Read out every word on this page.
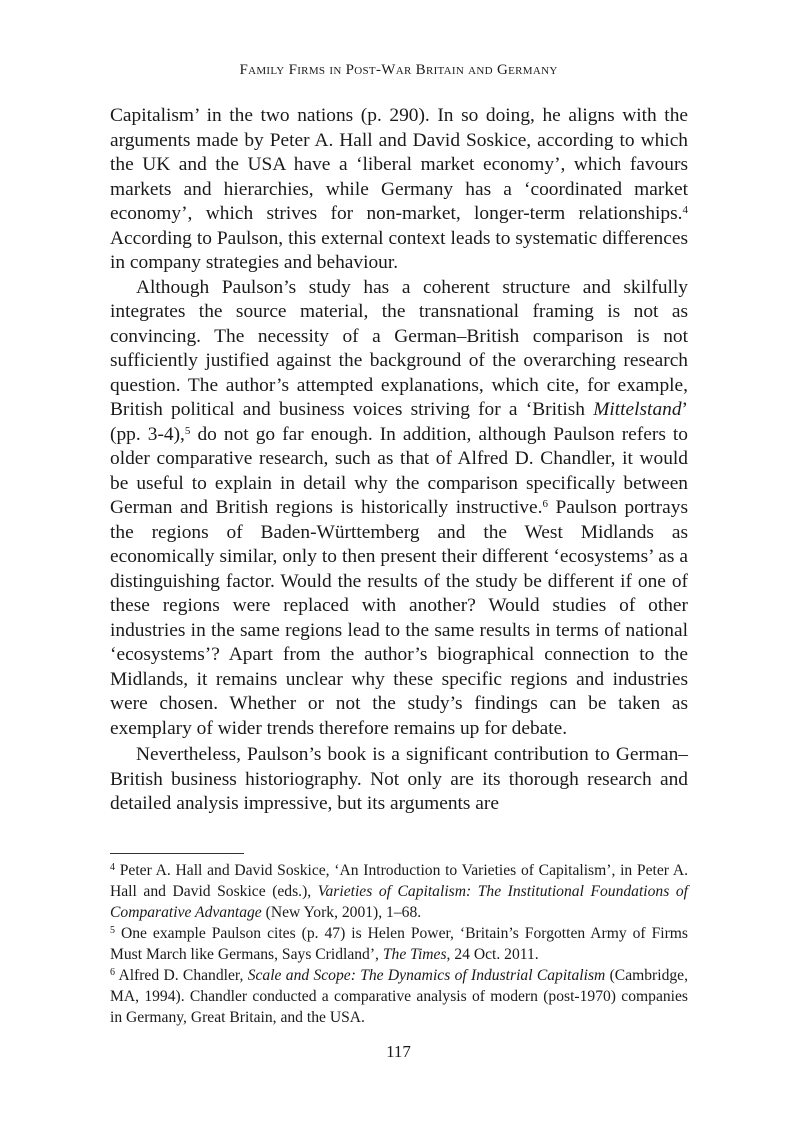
Family Firms in Post-War Britain and Germany

Capitalism’ in the two nations (p. 290). In so doing, he aligns with the arguments made by Peter A. Hall and David Soskice, according to which the UK and the USA have a ‘liberal market economy’, which favours markets and hierarchies, while Germany has a ‘coordinated market economy’, which strives for non-market, longer-term relationships.$^4$ According to Paulson, this external context leads to systematic differences in company strategies and behaviour.

Although Paulson’s study has a coherent structure and skilfully integrates the source material, the transnational framing is not as convincing. The necessity of a German–British comparison is not sufficiently justified against the background of the overarching research question. The author’s attempted explanations, which cite, for example, British political and business voices striving for a ‘British Mittelstand’ (pp. 3-4),$^5$ do not go far enough. In addition, although Paulson refers to older comparative research, such as that of Alfred D. Chandler, it would be useful to explain in detail why the comparison specifically between German and British regions is historically instructive.$^6$ Paulson portrays the regions of Baden-Württemberg and the West Midlands as economically similar, only to then present their different ‘ecosystems’ as a distinguishing factor. Would the results of the study be different if one of these regions were replaced with another? Would studies of other industries in the same regions lead to the same results in terms of national ‘ecosystems’? Apart from the author’s biographical connection to the Midlands, it remains unclear why these specific regions and industries were chosen. Whether or not the study’s findings can be taken as exemplary of wider trends therefore remains up for debate.

Nevertheless, Paulson’s book is a significant contribution to German–British business historiography. Not only are its thorough research and detailed analysis impressive, but its arguments are

$^4$ Peter A. Hall and David Soskice, ‘An Introduction to Varieties of Capitalism’, in Peter A. Hall and David Soskice (eds.), Varieties of Capitalism: The Institutional Foundations of Comparative Advantage (New York, 2001), 1–68.

$^5$ One example Paulson cites (p. 47) is Helen Power, ‘Britain’s Forgotten Army of Firms Must March like Germans, Says Cridland’, The Times, 24 Oct. 2011.

$^6$ Alfred D. Chandler, Scale and Scope: The Dynamics of Industrial Capitalism (Cambridge, MA, 1994). Chandler conducted a comparative analysis of modern (post-1970) companies in Germany, Great Britain, and the USA.

117
